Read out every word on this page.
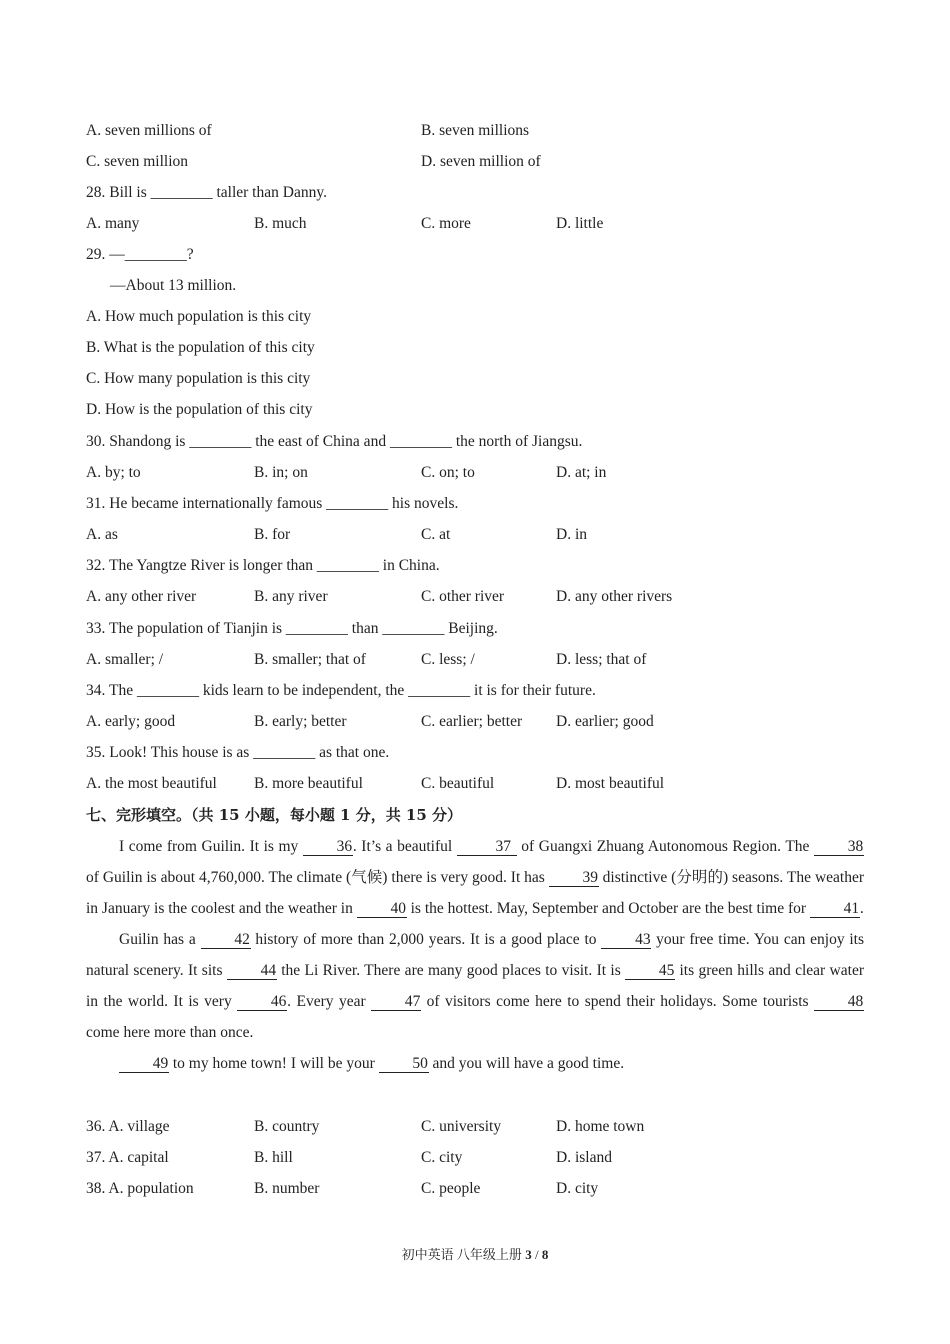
A. seven millions of	B. seven millions
C. seven million	D. seven million of
28. Bill is ________ taller than Danny.
A. many	B. much	C. more	D. little
29. —________?
—About 13 million.
A. How much population is this city
B. What is the population of this city
C. How many population is this city
D. How is the population of this city
30. Shandong is ________ the east of China and ________ the north of Jiangsu.
A. by; to	B. in; on	C. on; to	D. at; in
31. He became internationally famous ________ his novels.
A. as	B. for	C. at	D. in
32. The Yangtze River is longer than ________ in China.
A. any other river	B. any river	C. other river	D. any other rivers
33. The population of Tianjin is ________ than ________ Beijing.
A. smaller; /	B. smaller; that of	C. less; /	D. less; that of
34. The ________ kids learn to be independent, the ________ it is for their future.
A. early; good	B. early; better	C. earlier; better D. earlier; good
35. Look! This house is as ________ as that one.
A. the most beautiful B. more beautiful	C. beautiful	D. most beautiful
七、完形填空。（共 15 小题，每小题 1 分，共 15 分）

I come from Guilin. It is my 36. It’s a beautiful	37 of Guangxi Zhuang Autonomous Region. The 38 of Guilin is about 4,760,000. The climate (气候) there is very good. It has 39 distinctive (分明的) seasons. The weather in January is the coolest and the weather in 40 is the hottest. May, September and October are the best time for 41.

Guilin has a 42 history of more than 2,000 years. It is a good place to 43 your free time. You can enjoy its natural scenery. It sits 44 the Li River. There are many good places to visit. It is 45 its green hills and clear water in the world. It is very 46. Every year 47 of visitors come here to spend their holidays. Some tourists 48 come here more than once.

49 to my home town! I will be your 50 and you will have a good time.

36. A. village	B. country	C. university	D. home town
37. A. capital	B. hill	C. city	D. island
38. A. population	B. number	C. people	D. city
初中英语 八年级上册 3 / 8
